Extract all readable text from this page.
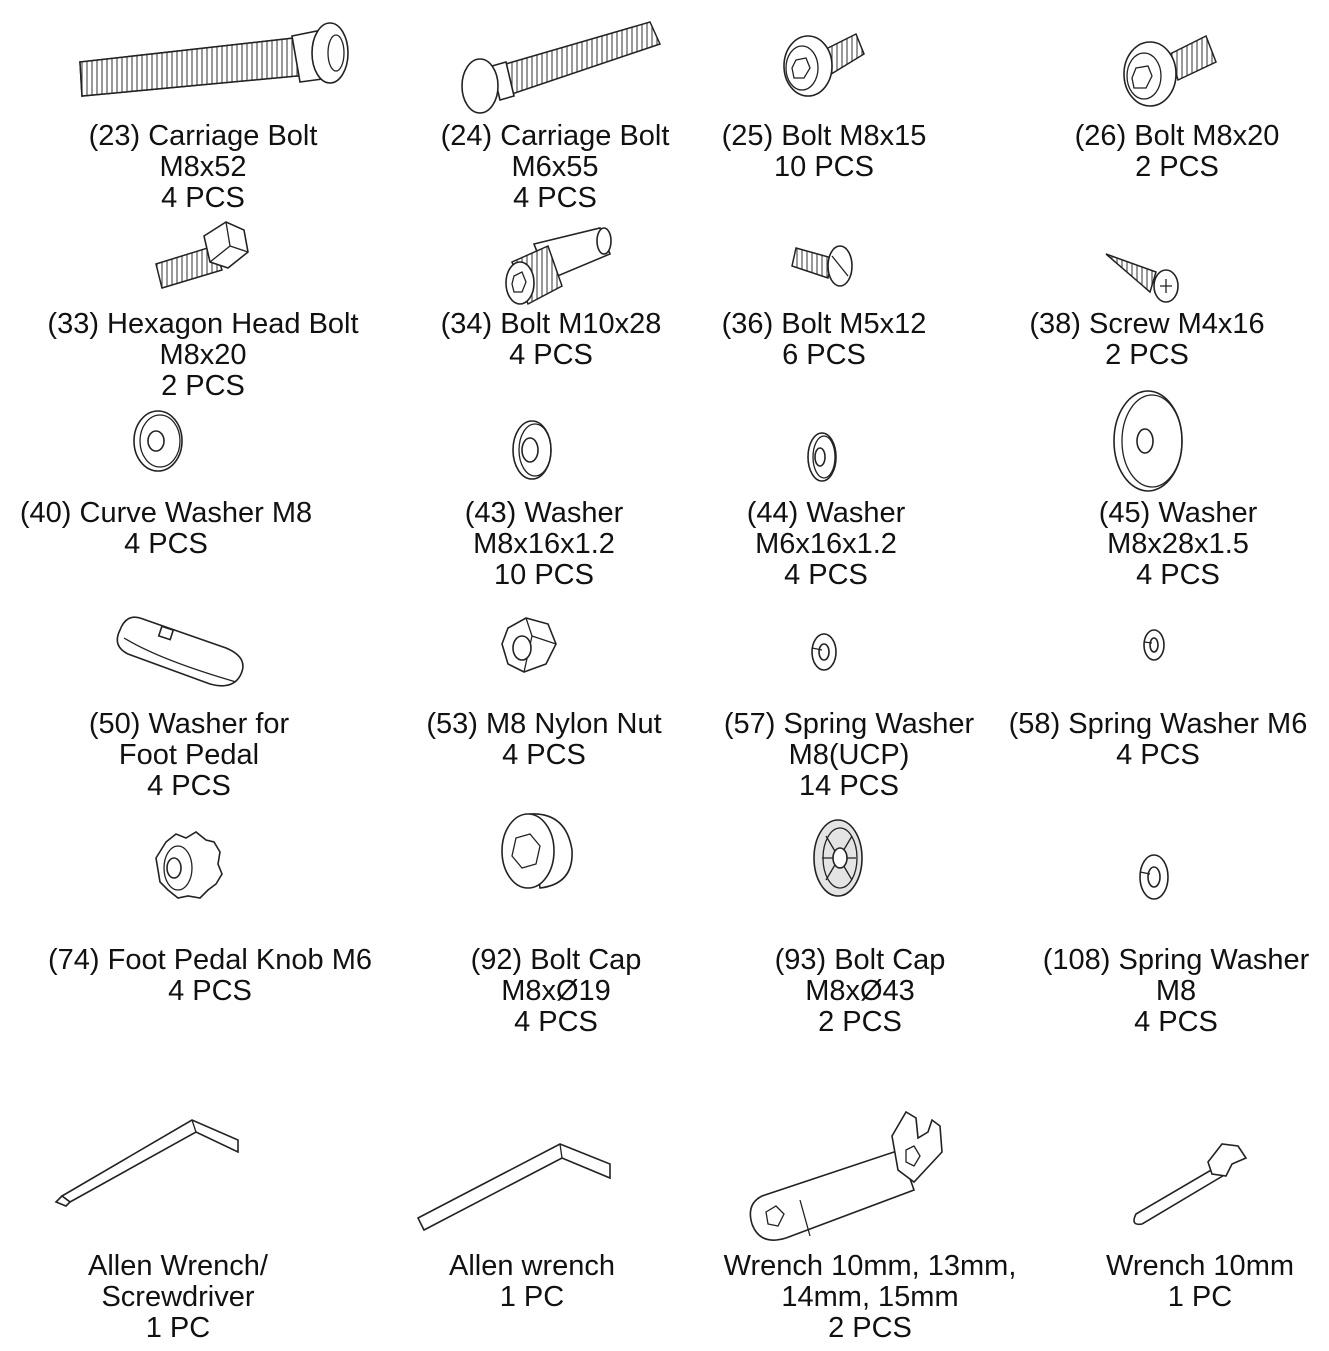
(23) Carriage Bolt
M8x52
4 PCS
(24) Carriage Bolt
M6x55
4 PCS
(25) Bolt M8x15
10 PCS
(26) Bolt M8x20
2 PCS
(33) Hexagon Head Bolt
M8x20
2 PCS
(34) Bolt M10x28
4 PCS
(36) Bolt M5x12
6 PCS
(38) Screw M4x16
2 PCS
(40) Curve Washer M8
4 PCS
(43) Washer
M8x16x1.2
10 PCS
(44) Washer
M6x16x1.2
4 PCS
(45) Washer
M8x28x1.5
4 PCS
(50) Washer for
Foot Pedal
4 PCS
(53) M8 Nylon Nut
4 PCS
(57) Spring Washer
M8(UCP)
14 PCS
(58) Spring Washer M6
4 PCS
(74) Foot Pedal Knob M6
4 PCS
(92) Bolt Cap
M8xØ19
4 PCS
(93) Bolt Cap
M8xØ43
2 PCS
(108) Spring Washer
M8
4 PCS
Allen Wrench/
Screwdriver
1 PC
Allen wrench
1 PC
Wrench 10mm, 13mm,
14mm, 15mm
2 PCS
Wrench 10mm
1 PC
